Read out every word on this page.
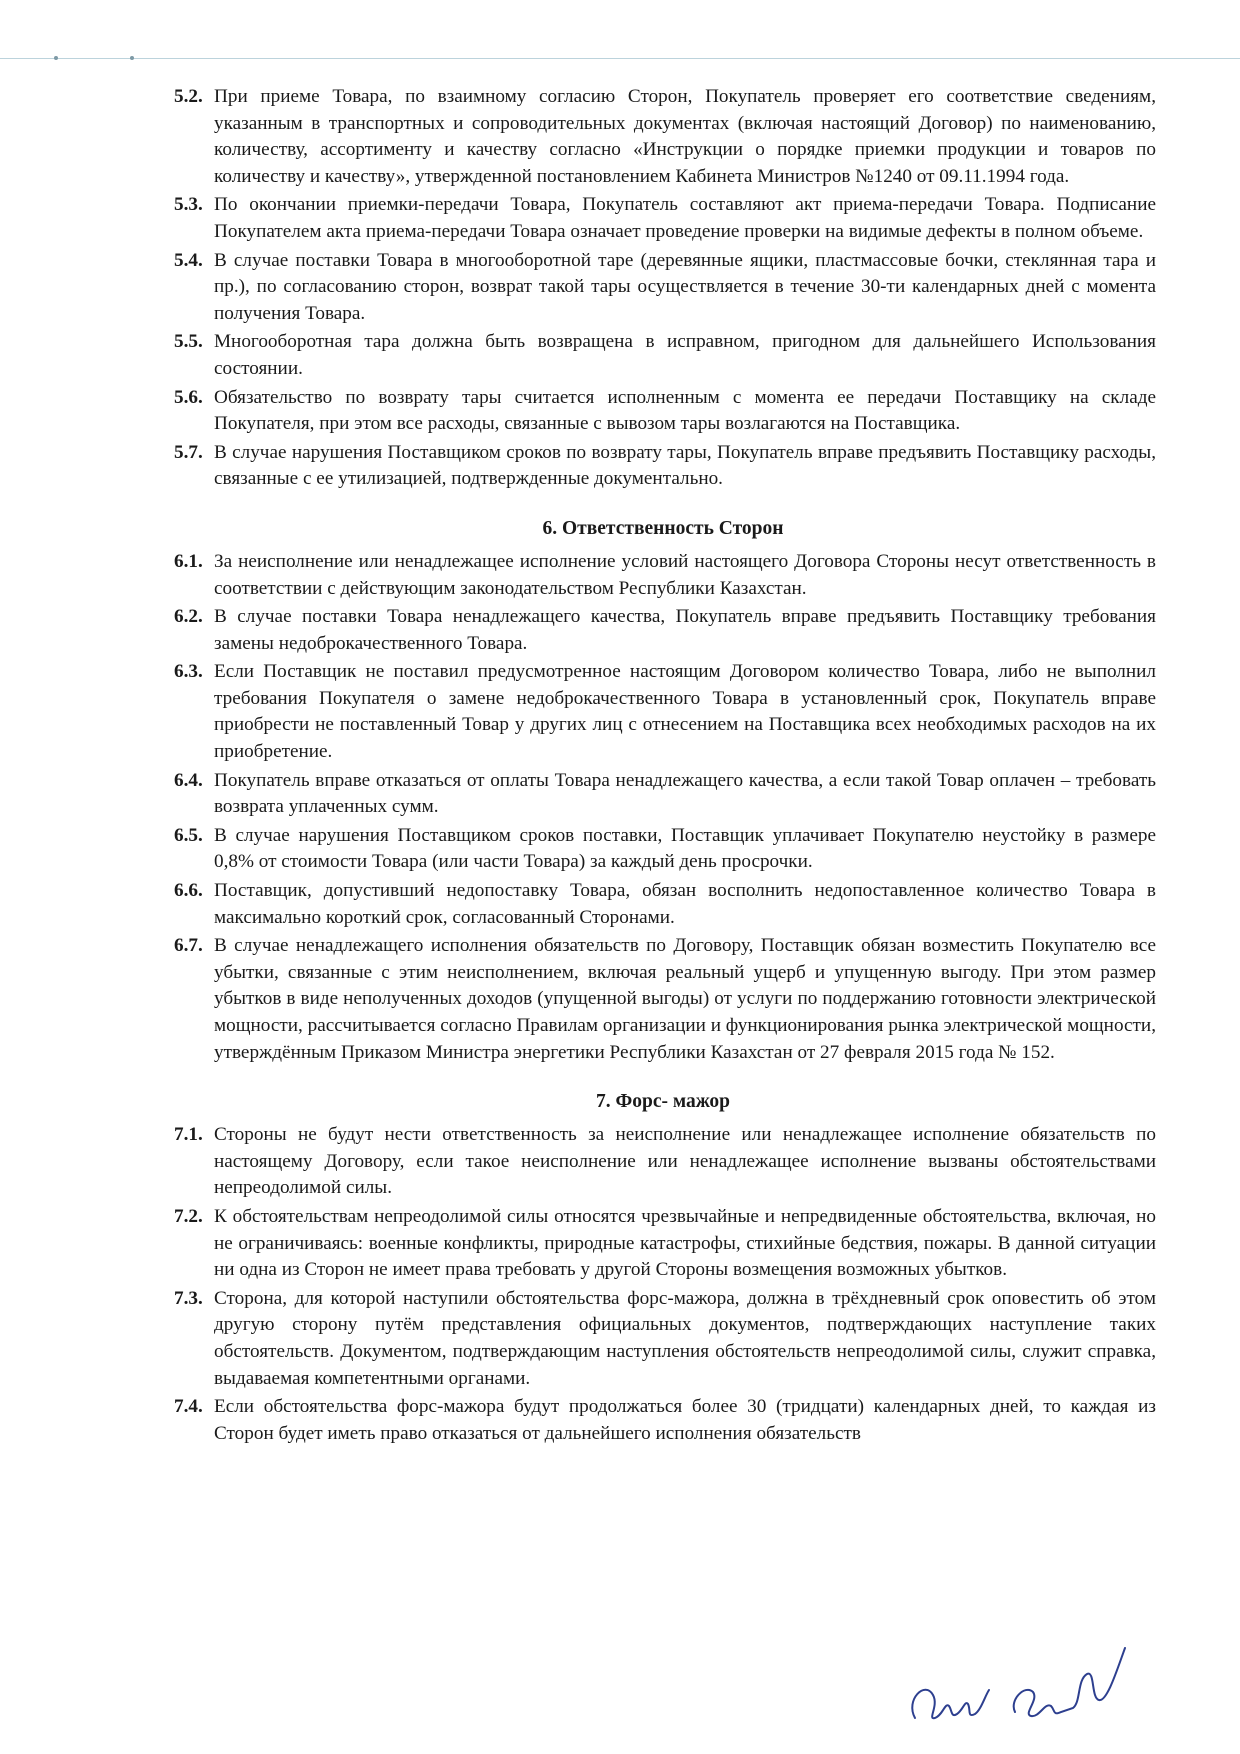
5.2. При приеме Товара, по взаимному согласию Сторон, Покупатель проверяет его соответствие сведениям, указанным в транспортных и сопроводительных документах (включая настоящий Договор) по наименованию, количеству, ассортименту и качеству согласно «Инструкции о порядке приемки продукции и товаров по количеству и качеству», утвержденной постановлением Кабинета Министров №1240 от 09.11.1994 года.
5.3. По окончании приемки-передачи Товара, Покупатель составляют акт приема-передачи Товара. Подписание Покупателем акта приема-передачи Товара означает проведение проверки на видимые дефекты в полном объеме.
5.4. В случае поставки Товара в многооборотной таре (деревянные ящики, пластмассовые бочки, стеклянная тара и пр.), по согласованию сторон, возврат такой тары осуществляется в течение 30-ти календарных дней с момента получения Товара.
5.5. Многооборотная тара должна быть возвращена в исправном, пригодном для дальнейшего Использования состоянии.
5.6. Обязательство по возврату тары считается исполненным с момента ее передачи Поставщику на складе Покупателя, при этом все расходы, связанные с вывозом тары возлагаются на Поставщика.
5.7. В случае нарушения Поставщиком сроков по возврату тары, Покупатель вправе предъявить Поставщику расходы, связанные с ее утилизацией, подтвержденные документально.
6. Ответственность Сторон
6.1. За неисполнение или ненадлежащее исполнение условий настоящего Договора Стороны несут ответственность в соответствии с действующим законодательством Республики Казахстан.
6.2. В случае поставки Товара ненадлежащего качества, Покупатель вправе предъявить Поставщику требования замены недоброкачественного Товара.
6.3. Если Поставщик не поставил предусмотренное настоящим Договором количество Товара, либо не выполнил требования Покупателя о замене недоброкачественного Товара в установленный срок, Покупатель вправе приобрести не поставленный Товар у других лиц с отнесением на Поставщика всех необходимых расходов на их приобретение.
6.4. Покупатель вправе отказаться от оплаты Товара ненадлежащего качества, а если такой Товар оплачен – требовать возврата уплаченных сумм.
6.5. В случае нарушения Поставщиком сроков поставки, Поставщик уплачивает Покупателю неустойку в размере 0,8% от стоимости Товара (или части Товара) за каждый день просрочки.
6.6. Поставщик, допустивший недопоставку Товара, обязан восполнить недопоставленное количество Товара в максимально короткий срок, согласованный Сторонами.
6.7. В случае ненадлежащего исполнения обязательств по Договору, Поставщик обязан возместить Покупателю все убытки, связанные с этим неисполнением, включая реальный ущерб и упущенную выгоду. При этом размер убытков в виде неполученных доходов (упущенной выгоды) от услуги по поддержанию готовности электрической мощности, рассчитывается согласно Правилам организации и функционирования рынка электрической мощности, утверждённым Приказом Министра энергетики Республики Казахстан от 27 февраля 2015 года № 152.
7. Форс- мажор
7.1. Стороны не будут нести ответственность за неисполнение или ненадлежащее исполнение обязательств по настоящему Договору, если такое неисполнение или ненадлежащее исполнение вызваны обстоятельствами непреодолимой силы.
7.2. К обстоятельствам непреодолимой силы относятся чрезвычайные и непредвиденные обстоятельства, включая, но не ограничиваясь: военные конфликты, природные катастрофы, стихийные бедствия, пожары. В данной ситуации ни одна из Сторон не имеет права требовать у другой Стороны возмещения возможных убытков.
7.3. Сторона, для которой наступили обстоятельства форс-мажора, должна в трёхдневный срок оповестить об этом другую сторону путём представления официальных документов, подтверждающих наступление таких обстоятельств. Документом, подтверждающим наступления обстоятельств непреодолимой силы, служит справка, выдаваемая компетентными органами.
7.4. Если обстоятельства форс-мажора будут продолжаться более 30 (тридцати) календарных дней, то каждая из Сторон будет иметь право отказаться от дальнейшего исполнения обязательств
